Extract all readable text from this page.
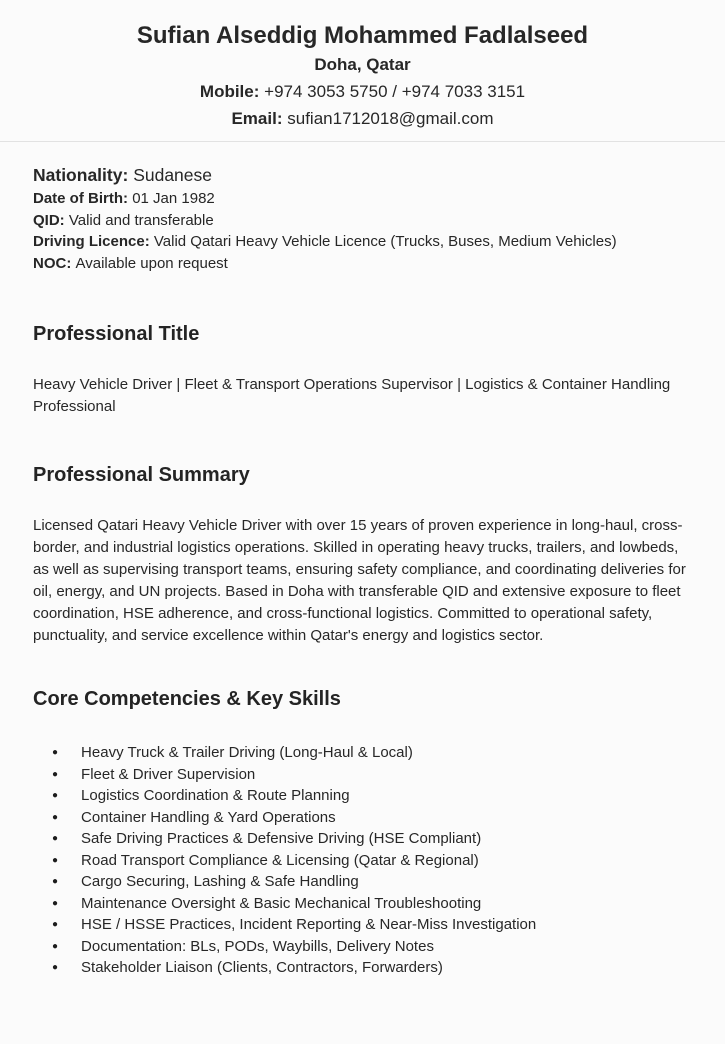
Sufian Alseddig Mohammed Fadlalseed
Doha, Qatar
Mobile: +974 3053 5750 / +974 7033 3151
Email: sufian1712018@gmail.com
Nationality: Sudanese
Date of Birth: 01 Jan 1982
QID: Valid and transferable
Driving Licence: Valid Qatari Heavy Vehicle Licence (Trucks, Buses, Medium Vehicles)
NOC: Available upon request
Professional Title
Heavy Vehicle Driver | Fleet & Transport Operations Supervisor | Logistics & Container Handling Professional
Professional Summary
Licensed Qatari Heavy Vehicle Driver with over 15 years of proven experience in long-haul, cross-border, and industrial logistics operations. Skilled in operating heavy trucks, trailers, and lowbeds, as well as supervising transport teams, ensuring safety compliance, and coordinating deliveries for oil, energy, and UN projects. Based in Doha with transferable QID and extensive exposure to fleet coordination, HSE adherence, and cross-functional logistics. Committed to operational safety, punctuality, and service excellence within Qatar's energy and logistics sector.
Core Competencies & Key Skills
● Heavy Truck & Trailer Driving (Long-Haul & Local)
● Fleet & Driver Supervision
● Logistics Coordination & Route Planning
● Container Handling & Yard Operations
● Safe Driving Practices & Defensive Driving (HSE Compliant)
● Road Transport Compliance & Licensing (Qatar & Regional)
● Cargo Securing, Lashing & Safe Handling
● Maintenance Oversight & Basic Mechanical Troubleshooting
● HSE / HSSE Practices, Incident Reporting & Near-Miss Investigation
● Documentation: BLs, PODs, Waybills, Delivery Notes
● Stakeholder Liaison (Clients, Contractors, Forwarders)
